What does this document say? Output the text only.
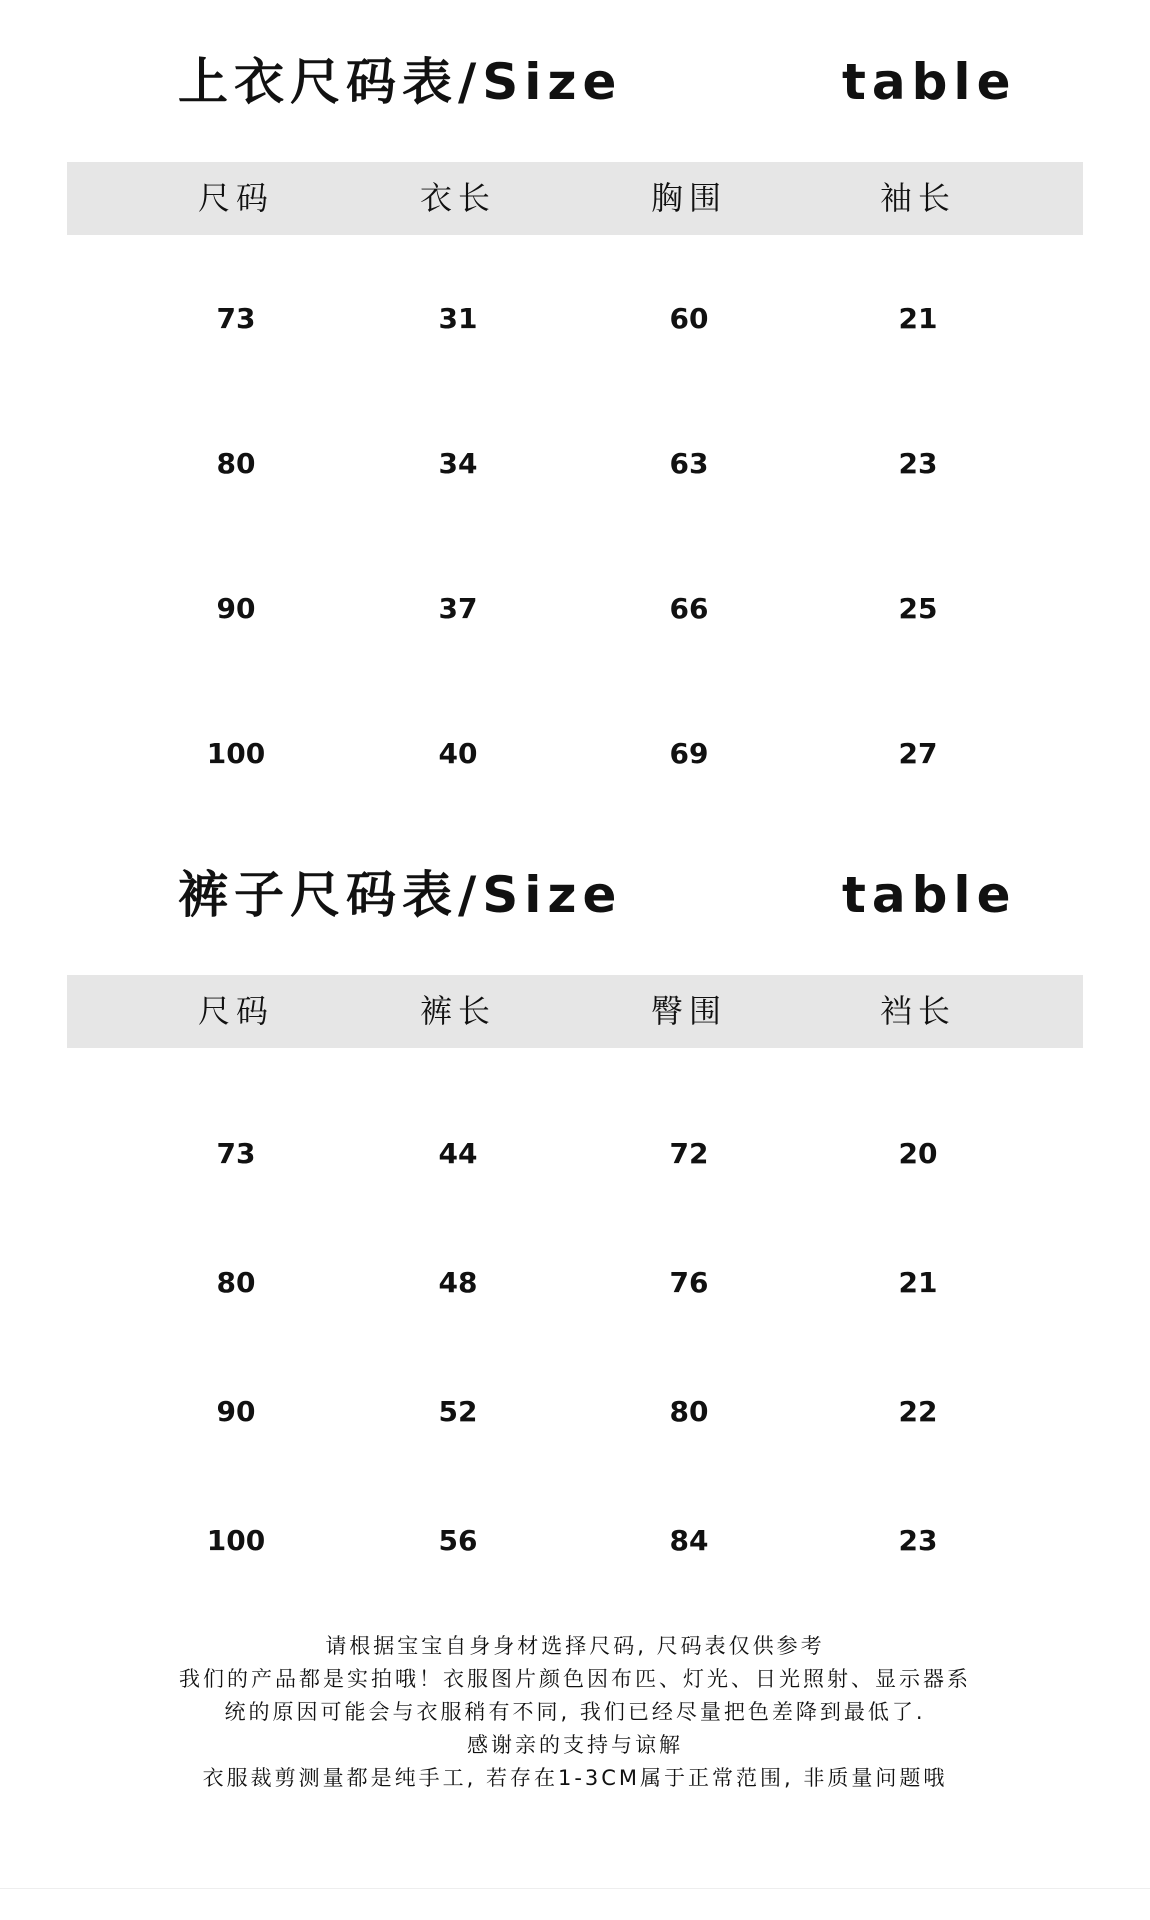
上衣尺码表/Size	table
尺码	衣长	胸围	袖长
73	31	60	21
80	34	63	23
90	37	66	25
100	40	69	27
裤子尺码表/Size	table
尺码	裤长	臀围	裆长
73	44	72	20
80	48	76	21
90	52	80	22
100	56	84	23
请根据宝宝自身身材选择尺码, 尺码表仅供参考
我们的产品都是实拍哦！衣服图片颜色因布匹、灯光、日光照射、显示器系
统的原因可能会与衣服稍有不同, 我们已经尽量把色差降到最低了.
感谢亲的支持与谅解
衣服裁剪测量都是纯手工, 若存在1-3CM属于正常范围, 非质量问题哦
